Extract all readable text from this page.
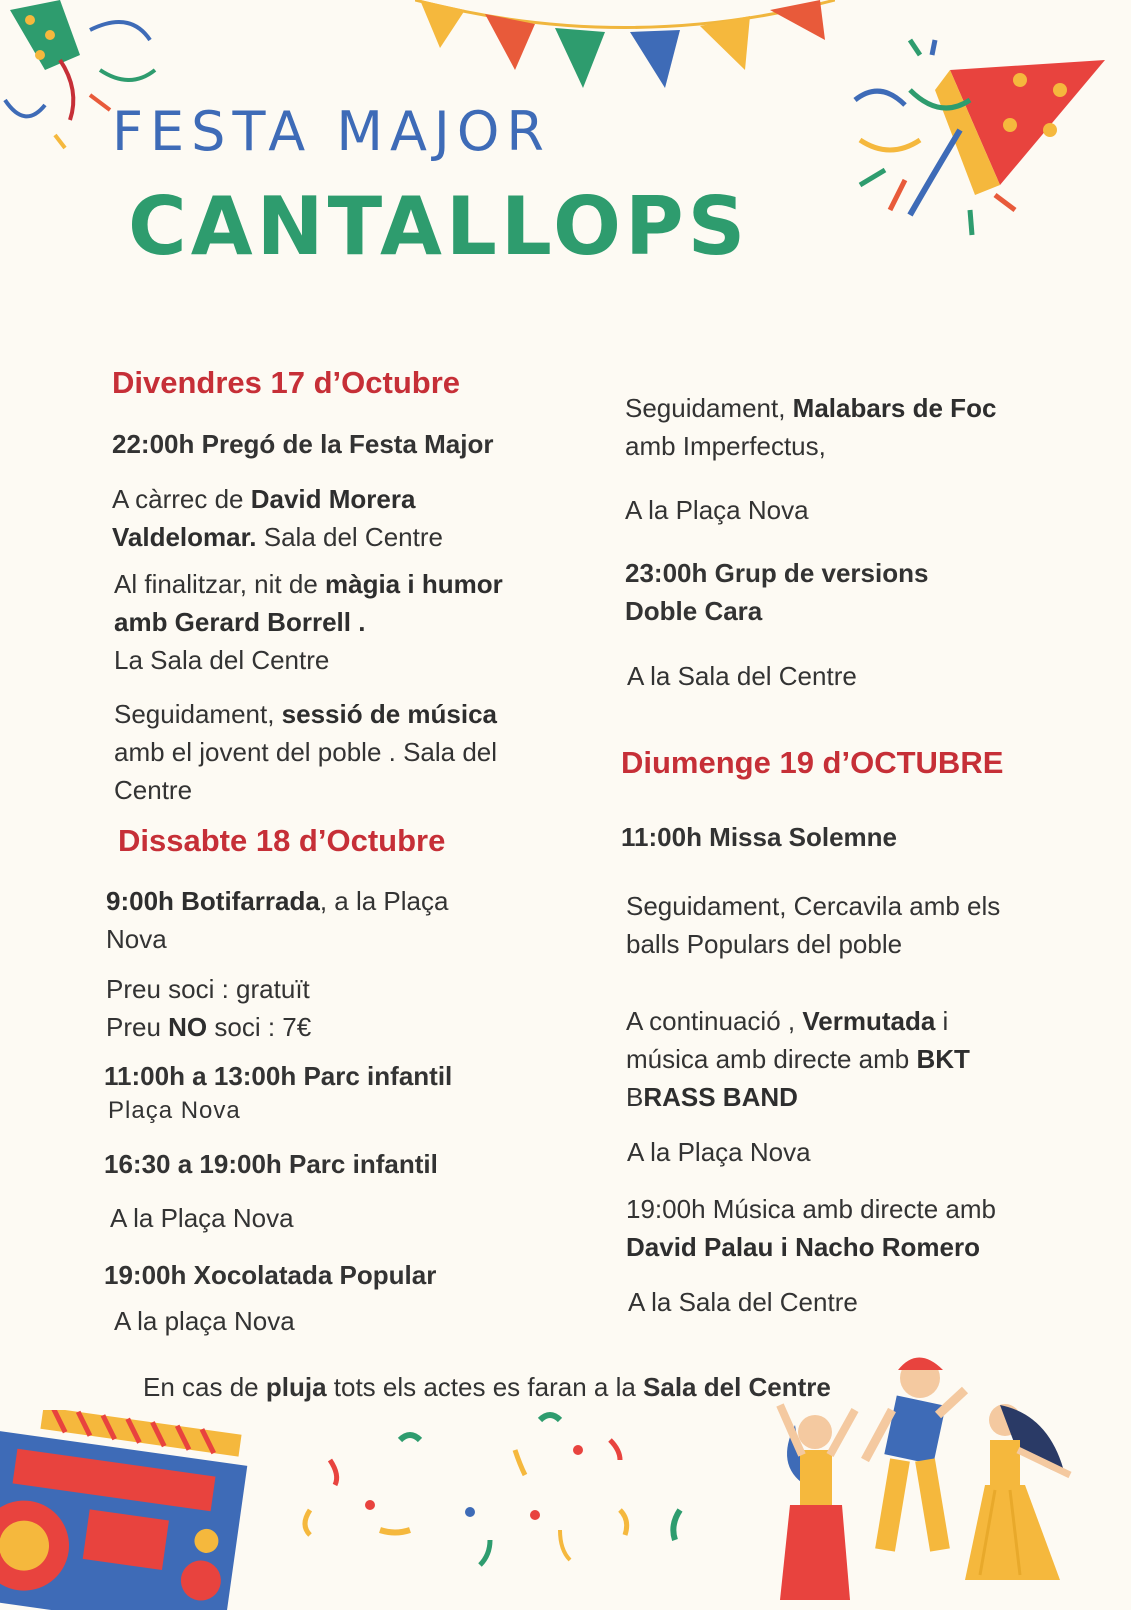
FESTA MAJOR
CANTALLOPS
Divendres 17 d’Octubre
22:00h Pregó de la Festa Major
A càrrec de David Morera Valdelomar. Sala del Centre
Al finalitzar, nit de màgia i humor amb Gerard Borrell .
La Sala del Centre
Seguidament, sessió de música amb el jovent del poble . Sala del Centre
Dissabte 18 d’Octubre
9:00h Botifarrada, a la Plaça Nova
Preu soci : gratuït
Preu NO soci : 7€
11:00h a 13:00h Parc infantil
Plaça Nova
16:30 a 19:00h Parc infantil
A la Plaça Nova
19:00h Xocolatada Popular
A la plaça Nova
Seguidament, Malabars de Foc
amb Imperfectus,
A la Plaça Nova
23:00h Grup de versions
Doble Cara
A la Sala del Centre
Diumenge 19 d’OCTUBRE
11:00h Missa Solemne
Seguidament, Cercavila amb els balls Populars del poble
A continuació , Vermutada i música amb directe amb BKT
BRASS BAND
A la Plaça Nova
19:00h Música amb directe amb
David Palau i Nacho Romero
A la Sala del Centre
En cas de pluja tots els actes es faran a la Sala del Centre
